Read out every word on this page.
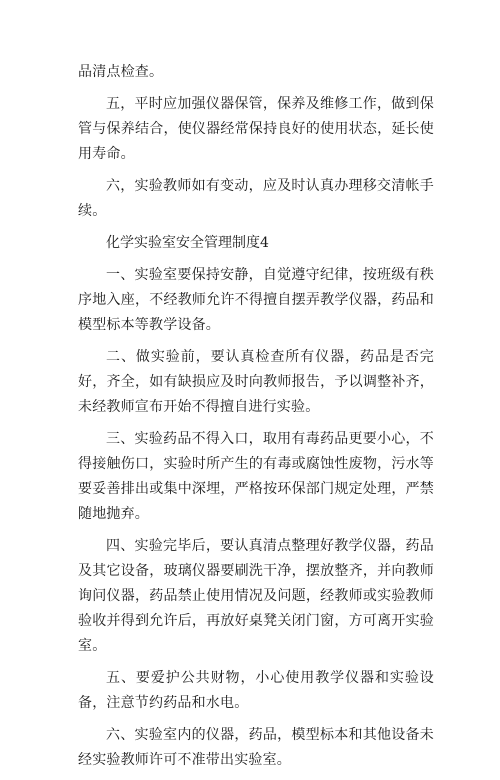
品清点检查。

五，平时应加强仪器保管，保养及维修工作，做到保管与保养结合，使仪器经常保持良好的使用状态，延长使用寿命。

六，实验教师如有变动，应及时认真办理移交清帐手续。

化学实验室安全管理制度4

一、实验室要保持安静，自觉遵守纪律，按班级有秩序地入座，不经教师允许不得擅自摆弄教学仪器，药品和模型标本等教学设备。

二、做实验前，要认真检查所有仪器，药品是否完好，齐全，如有缺损应及时向教师报告，予以调整补齐，未经教师宣布开始不得擅自进行实验。

三、实验药品不得入口，取用有毒药品更要小心，不得接触伤口，实验时所产生的有毒或腐蚀性废物，污水等要妥善排出或集中深埋，严格按环保部门规定处理，严禁随地抛弃。

四、实验完毕后，要认真清点整理好教学仪器，药品及其它设备，玻璃仪器要刷洗干净，摆放整齐，并向教师询问仪器，药品禁止使用情况及问题，经教师或实验教师验收并得到允许后，再放好桌凳关闭门窗，方可离开实验室。

五、要爱护公共财物，小心使用教学仪器和实验设备，注意节约药品和水电。

六、实验室内的仪器，药品，模型标本和其他设备未经实验教师许可不准带出实验室。
